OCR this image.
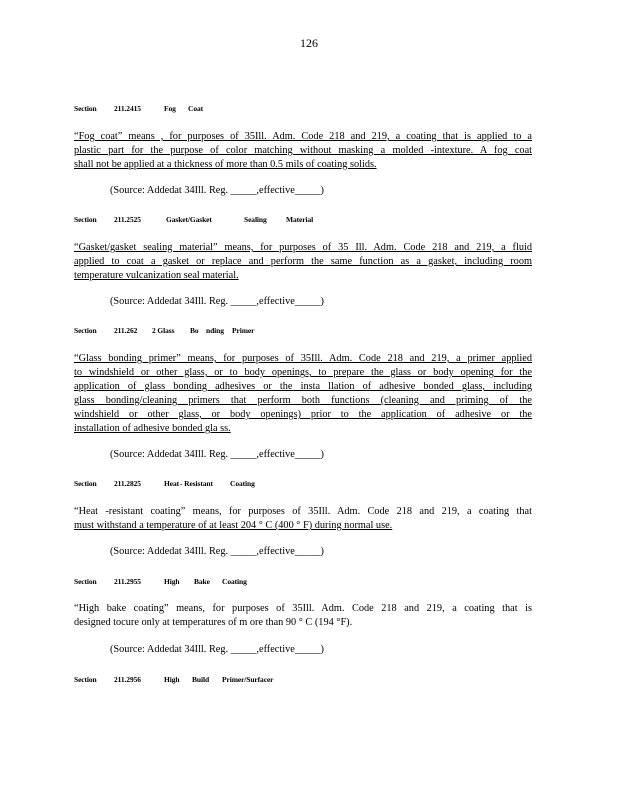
126
Section 211.2415	Fog Coat
“Fog coat” means , for purposes of 35Ill. Adm. Code 218 and 219, a coating that is applied to a
plastic part for the purpose of color matching without masking a molded -intexture. A fog coat
shall not be applied at a thickness of more than 0.5 mils of coating solids.
(Source: Addedat 34Ill. Reg. _____,effective_____)
Section 211.2525	Gasket/Gasket	Sealing	Material
“Gasket/gasket sealing material” means, for purposes of 35 Ill. Adm. Code 218 and 219, a fluid
applied to coat a gasket or replace and perform the same function as a gasket, including room
temperature vulcanization seal material.
(Source: Addedat 34Ill. Reg. _____,effective_____)
Section 211.262 2 Glass Bo nding Primer
“Glass bonding primer” means, for purposes of 35Ill. Adm. Code 218 and 219, a primer applied
to windshield or other glass, or to body openings, to prepare the glass or body opening for the
application of glass bonding adhesives or the insta llation of adhesive bonded glass, including
glass bonding/cleaning primers that perform both functions (cleaning and priming of the
windshield or other glass, or body openings) prior to the application of adhesive or the
installation of adhesive bonded gla ss.
(Source: Addedat 34Ill. Reg. _____,effective_____)
Section 211.2825	Heat- Resistant Coating
“Heat -resistant coating” means, for purposes of 35Ill. Adm. Code 218 and 219, a coating that
must withstand a temperature of at least 204 ° C (400 ° F) during normal use.
(Source: Addedat 34Ill. Reg. _____,effective_____)
Section 211.2955	High Bake Coating
“High bake coating” means, for purposes of 35Ill. Adm. Code 218 and 219, a coating that is
designed tocure only at temperatures of m ore than 90 ° C (194 °F).
(Source: Addedat 34Ill. Reg. _____,effective_____)
Section 211.2956	High Build Primer/Surfacer
